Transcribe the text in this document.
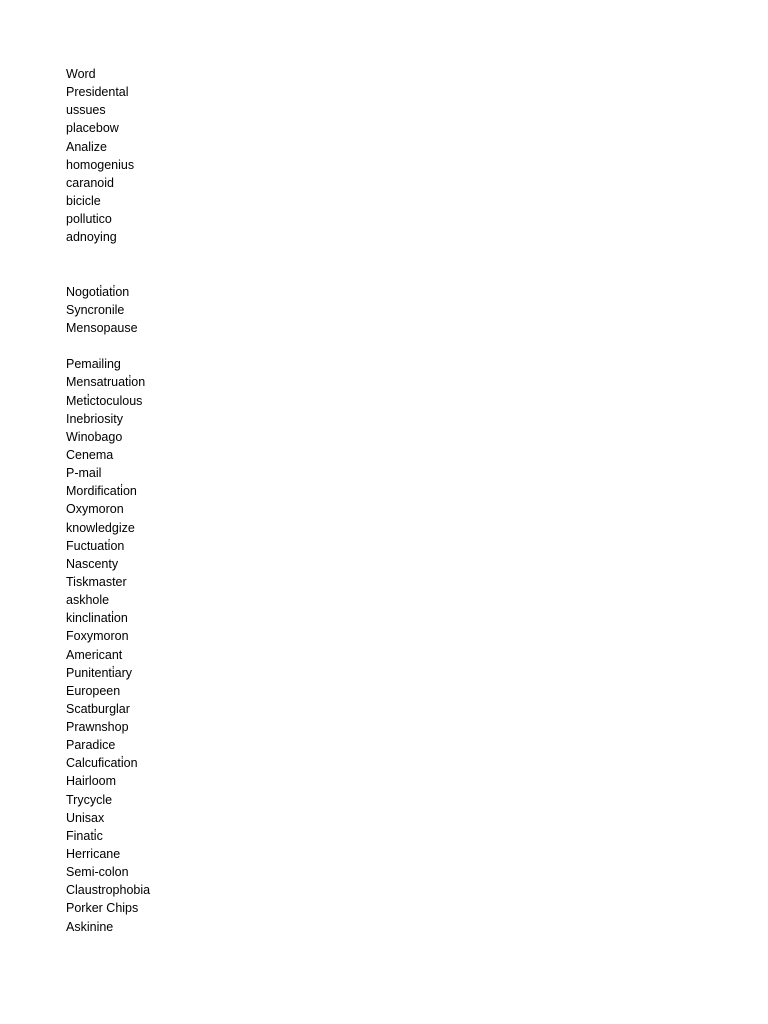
Word
Presidental
ussues
placebow
Analize
homogenius
caranoid
bicicle
pollutico
adnoying
Nogoti̇ati̇on
Syncronile
Mensopause
Pemailing
Mensatruati̇on
Meti̇ctoculous
Inebriosity
Winobago
Cenema
P-mail
Mordificati̇on
Oxymoron
knowledgize
Fuctuati̇on
Nascenty
Tiskmaster
askhole
kinclinati̇on
Foxymoron
Americant
Punitenti̇ary
Europeen
Scatburglar
Prawnshop
Paradice
Calcuficati̇on
Hairloom
Trycycle
Unisax
Finati̇c
Herricane
Semi-colon
Claustrophobia
Porker Chips
Askinine
